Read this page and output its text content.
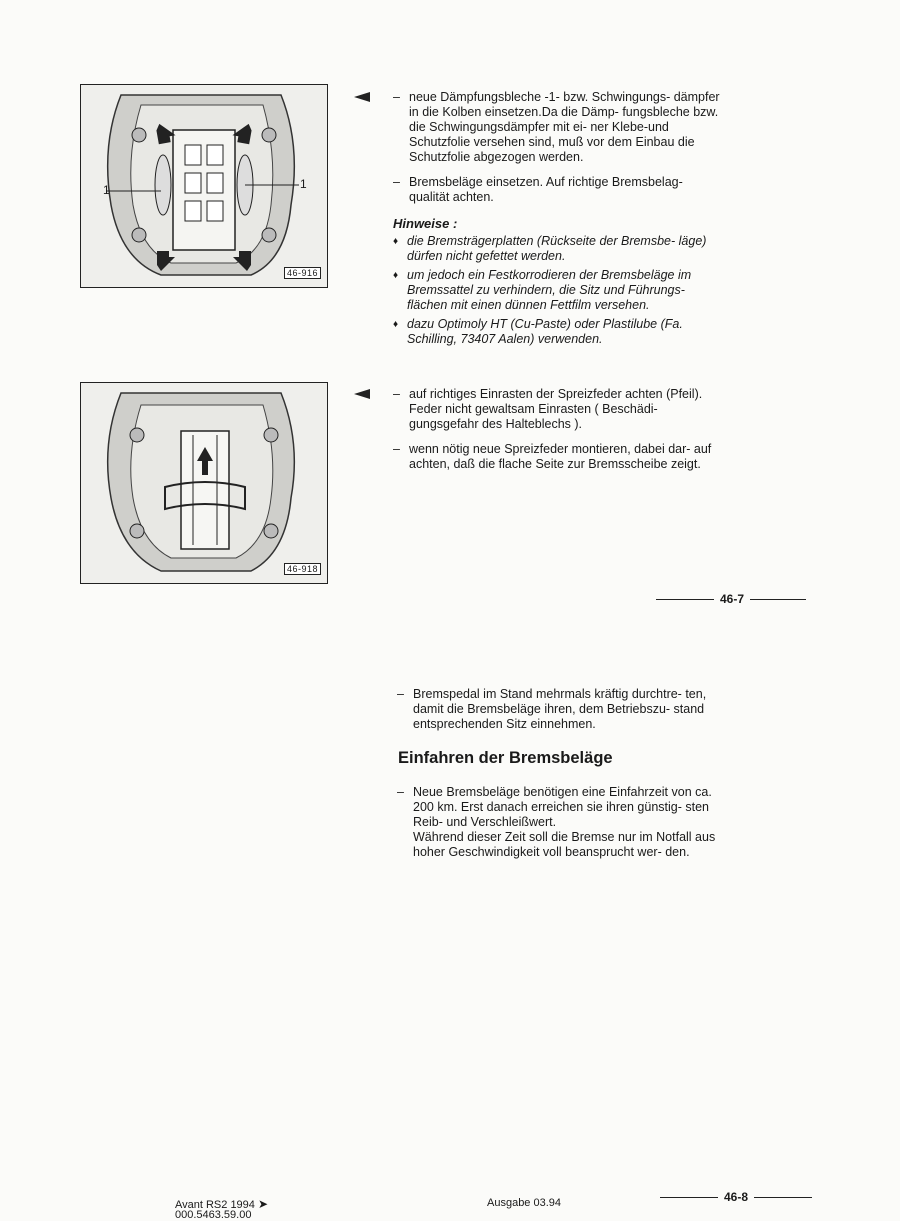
1	1
46-916
– neue Dämpfungsbleche -1- bzw. Schwingungs- dämpfer in die Kolben einsetzen.Da die Dämp- fungsbleche bzw. die Schwingungsdämpfer mit ei- ner Klebe-und Schutzfolie versehen sind, muß vor dem Einbau die Schutzfolie abgezogen werden.
– Bremsbeläge einsetzen. Auf richtige Bremsbelag- qualität achten.
Hinweise :
♦ die Bremsträgerplatten (Rückseite der Bremsbe- läge) dürfen nicht gefettet werden.
♦ um jedoch ein Festkorrodieren der Bremsbeläge im Bremssattel zu verhindern, die Sitz und Führungs- flächen mit einen dünnen Fettfilm versehen.
♦ dazu Optimoly HT (Cu-Paste) oder Plastilube (Fa. Schilling, 73407 Aalen) verwenden.
46-918
– auf richtiges Einrasten der Spreizfeder achten (Pfeil). Feder nicht gewaltsam Einrasten ( Beschädi- gungsgefahr des Halteblechs ).
– wenn nötig neue Spreizfeder montieren, dabei dar- auf achten, daß die flache Seite zur Bremsscheibe zeigt.
46-7
– Bremspedal im Stand mehrmals kräftig durchtre- ten, damit die Bremsbeläge ihren, dem Betriebszu- stand entsprechenden Sitz einnehmen.
Einfahren der Bremsbeläge
– Neue Bremsbeläge benötigen eine Einfahrzeit von ca. 200 km. Erst danach erreichen sie ihren günstig- sten Reib- und Verschleißwert.
Während dieser Zeit soll die Bremse nur im Notfall aus hoher Geschwindigkeit voll beansprucht wer- den.
Avant RS2 1994 ➤
000.5463.59.00
Ausgabe 03.94	46-8
